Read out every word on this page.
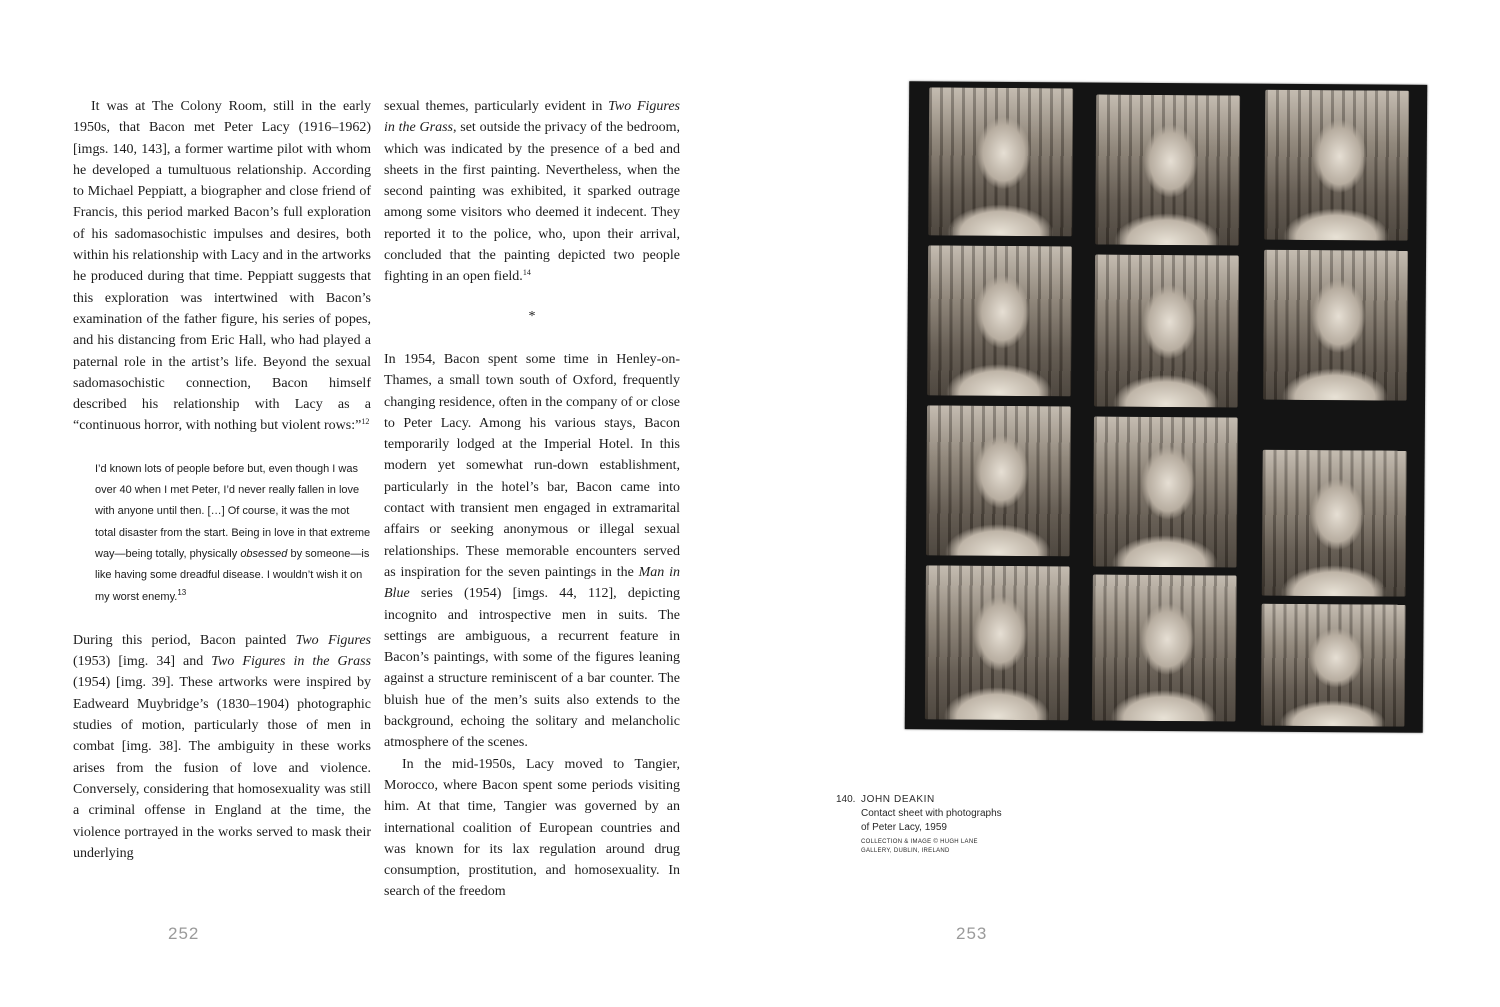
It was at The Colony Room, still in the early 1950s, that Bacon met Peter Lacy (1916–1962) [imgs. 140, 143], a former wartime pilot with whom he developed a tumultuous relationship. According to Michael Peppiatt, a biographer and close friend of Francis, this period marked Bacon’s full exploration of his sadomasochistic impulses and desires, both within his relationship with Lacy and in the artworks he produced during that time. Peppiatt suggests that this exploration was intertwined with Bacon’s examination of the father figure, his series of popes, and his distancing from Eric Hall, who had played a paternal role in the artist’s life. Beyond the sexual sadomasochistic connection, Bacon himself described his relationship with Lacy as a “continuous horror, with nothing but violent rows:”$^{12}$

I’d known lots of people before but, even though I was over 40 when I met Peter, I’d never really fallen in love with anyone until then. […] Of course, it was the mot total disaster from the start. Being in love in that extreme way—being totally, physically obsessed by someone—is like having some dreadful disease. I wouldn’t wish it on my worst enemy.$^{13}$

During this period, Bacon painted Two Figures (1953) [img. 34] and Two Figures in the Grass (1954) [img. 39]. These artworks were inspired by Eadweard Muybridge’s (1830–1904) photographic studies of motion, particularly those of men in combat [img. 38]. The ambiguity in these works arises from the fusion of love and violence. Conversely, considering that homosexuality was still a criminal offense in England at the time, the violence portrayed in the works served to mask their underlying

sexual themes, particularly evident in Two Figures in the Grass, set outside the privacy of the bedroom, which was indicated by the presence of a bed and sheets in the first painting. Nevertheless, when the second painting was exhibited, it sparked outrage among some visitors who deemed it indecent. They reported it to the police, who, upon their arrival, concluded that the painting depicted two people fighting in an open field.$^{14}$

*

In 1954, Bacon spent some time in Henley-on-Thames, a small town south of Oxford, frequently changing residence, often in the company of or close to Peter Lacy. Among his various stays, Bacon temporarily lodged at the Imperial Hotel. In this modern yet somewhat run-down establishment, particularly in the hotel’s bar, Bacon came into contact with transient men engaged in extramarital affairs or seeking anonymous or illegal sexual relationships. These memorable encounters served as inspiration for the seven paintings in the Man in Blue series (1954) [imgs. 44, 112], depicting incognito and introspective men in suits. The settings are ambiguous, a recurrent feature in Bacon’s paintings, with some of the figures leaning against a structure reminiscent of a bar counter. The bluish hue of the men’s suits also extends to the background, echoing the solitary and melancholic atmosphere of the scenes.

In the mid-1950s, Lacy moved to Tangier, Morocco, where Bacon spent some periods visiting him. At that time, Tangier was governed by an international coalition of European countries and was known for its lax regulation around drug consumption, prostitution, and homosexuality. In search of the freedom

140. JOHN DEAKIN
Contact sheet with photographs
of Peter Lacy, 1959
COLLECTION & IMAGE © HUGH LANE
GALLERY, DUBLIN, IRELAND
252	253
